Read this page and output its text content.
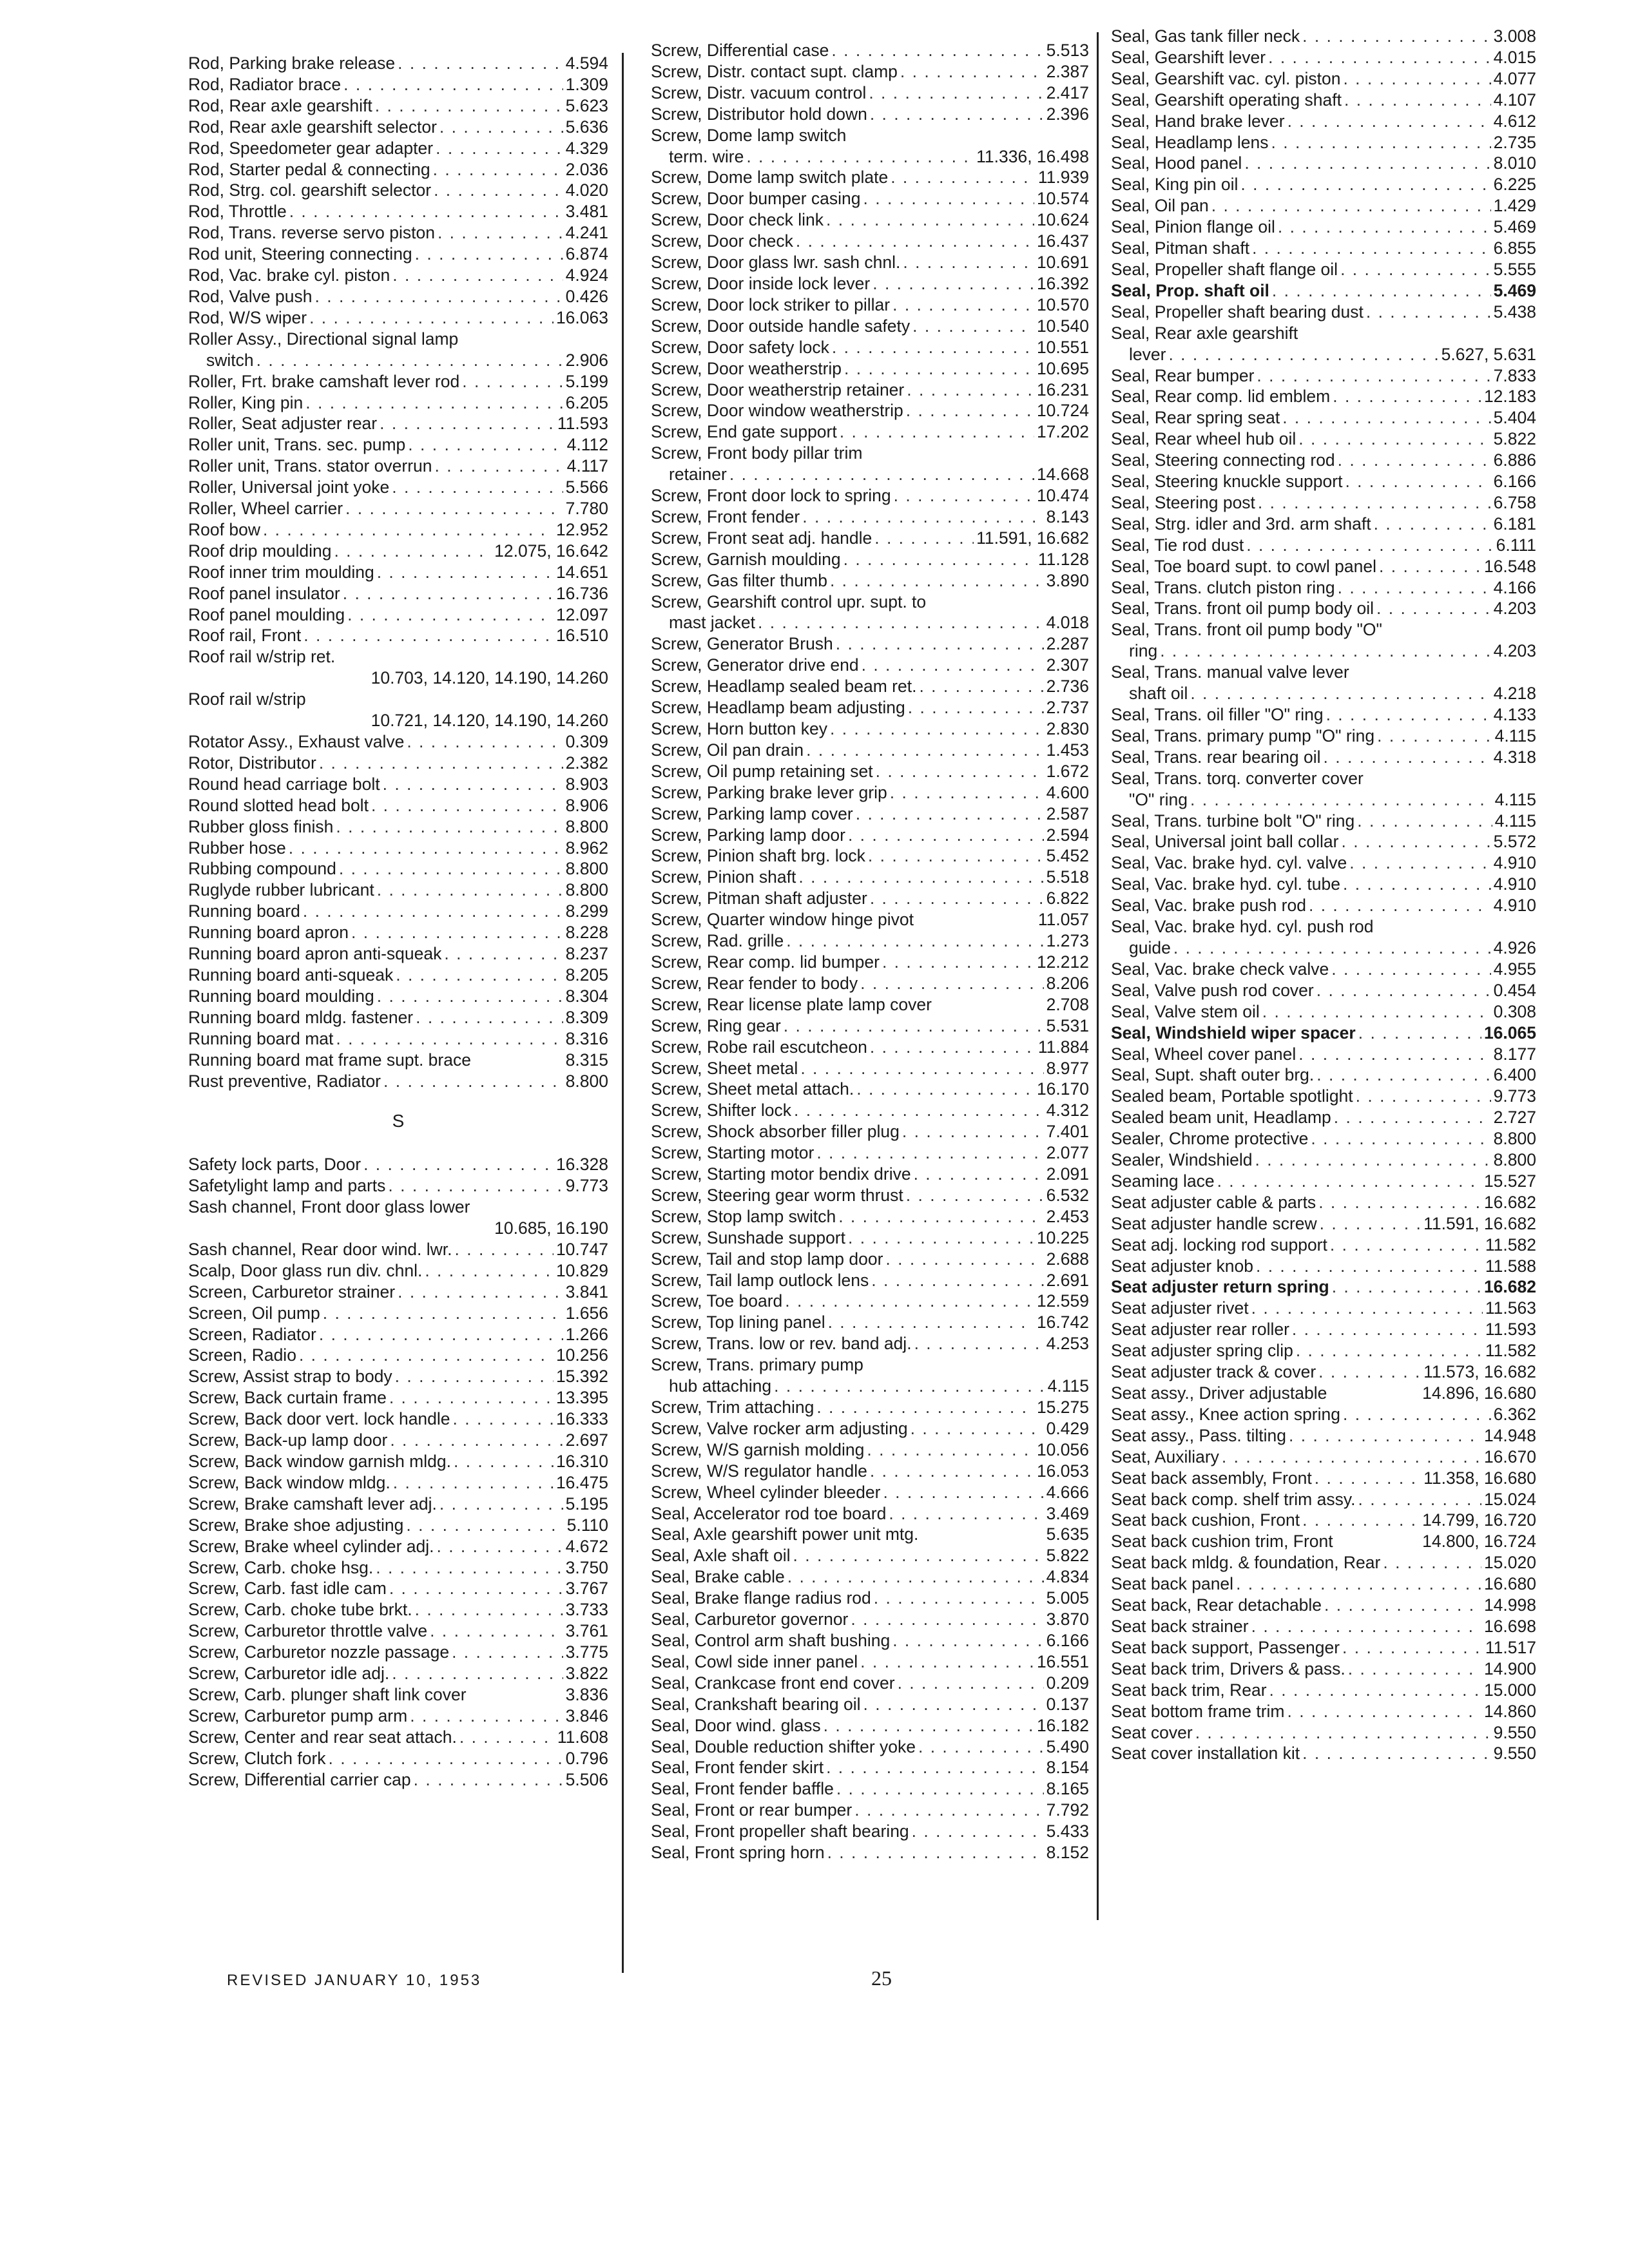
Rod, Parking brake release . . .	4.594
Rod, Radiator brace . . .	1.309
Rod, Rear axle gearshift . . .	5.623
Rod, Rear axle gearshift selector . . .	5.636
Rod, Speedometer gear adapter . . .	4.329
Rod, Starter pedal & connecting . . .	2.036
Rod, Strg. col. gearshift selector . . .	4.020
Rod, Throttle . . .	3.481
Rod, Trans. reverse servo piston . . .	4.241
Rod unit, Steering connecting . . .	6.874
Rod, Vac. brake cyl. piston . . .	4.924
Rod, Valve push . . .	0.426
Rod, W/S wiper . . .	16.063
Roller Assy., Directional signal lamp
switch . . .	2.906
Roller, Frt. brake camshaft lever rod . . .	5.199
Roller, King pin . . .	6.205
Roller, Seat adjuster rear . . .	11.593
Roller unit, Trans. sec. pump . . .	4.112
Roller unit, Trans. stator overrun . . .	4.117
Roller, Universal joint yoke . . .	5.566
Roller, Wheel carrier . . .	7.780
Roof bow . . .	12.952
Roof drip moulding . . .	12.075, 16.642
Roof inner trim moulding . . .	14.651
Roof panel insulator . . .	16.736
Roof panel moulding . . .	12.097
Roof rail, Front . . .	16.510
Roof rail w/strip ret.
10.703, 14.120, 14.190, 14.260
Roof rail w/strip
10.721, 14.120, 14.190, 14.260
Rotator Assy., Exhaust valve . . .	0.309
Rotor, Distributor . . .	2.382
Round head carriage bolt . . .	8.903
Round slotted head bolt . . .	8.906
Rubber gloss finish . . .	8.800
Rubber hose . . .	8.962
Rubbing compound . . .	8.800
Ruglyde rubber lubricant . . .	8.800
Running board . . .	8.299
Running board apron . . .	8.228
Running board apron anti-squeak . . .	8.237
Running board anti-squeak . . .	8.205
Running board moulding . . .	8.304
Running board mldg. fastener . . .	8.309
Running board mat . . .	8.316
Running board mat frame supt. brace	8.315
Rust preventive, Radiator . . .	8.800
S
Safety lock parts, Door . . .	16.328
Safetylight lamp and parts . . .	9.773
Sash channel, Front door glass lower
10.685, 16.190
Sash channel, Rear door wind. lwr. . . .	10.747
Scalp, Door glass run div. chnl. . . .	10.829
Screen, Carburetor strainer . . .	3.841
Screen, Oil pump . . .	1.656
Screen, Radiator . . .	1.266
Screen, Radio . . .	10.256
Screw, Assist strap to body . . .	15.392
Screw, Back curtain frame . . .	13.395
Screw, Back door vert. lock handle . . .	16.333
Screw, Back-up lamp door . . .	2.697
Screw, Back window garnish mldg. . . .	16.310
Screw, Back window mldg. . . .	16.475
Screw, Brake camshaft lever adj. . . .	5.195
Screw, Brake shoe adjusting . . .	5.110
Screw, Brake wheel cylinder adj. . . .	4.672
Screw, Carb. choke hsg. . . .	3.750
Screw, Carb. fast idle cam . . .	3.767
Screw, Carb. choke tube brkt. . . .	3.733
Screw, Carburetor throttle valve . . .	3.761
Screw, Carburetor nozzle passage . . .	3.775
Screw, Carburetor idle adj. . . .	3.822
Screw, Carb. plunger shaft link cover	3.836
Screw, Carburetor pump arm . . .	3.846
Screw, Center and rear seat attach. . . .	11.608
Screw, Clutch fork . . .	0.796
Screw, Differential carrier cap . . .	5.506
Screw, Differential case . . .	5.513
Screw, Distr. contact supt. clamp . . .	2.387
Screw, Distr. vacuum control . . .	2.417
Screw, Distributor hold down . . .	2.396
Screw, Dome lamp switch
term. wire . . .	11.336, 16.498
Screw, Dome lamp switch plate . . .	11.939
Screw, Door bumper casing . . .	10.574
Screw, Door check link . . .	10.624
Screw, Door check . . .	16.437
Screw, Door glass lwr. sash chnl. . . .	10.691
Screw, Door inside lock lever . . .	16.392
Screw, Door lock striker to pillar . . .	10.570
Screw, Door outside handle safety . . .	10.540
Screw, Door safety lock . . .	10.551
Screw, Door weatherstrip . . .	10.695
Screw, Door weatherstrip retainer . . .	16.231
Screw, Door window weatherstrip . . .	10.724
Screw, End gate support . . .	17.202
Screw, Front body pillar trim
retainer . . .	14.668
Screw, Front door lock to spring . . .	10.474
Screw, Front fender . . .	8.143
Screw, Front seat adj. handle . . .	11.591, 16.682
Screw, Garnish moulding . . .	11.128
Screw, Gas filter thumb . . .	3.890
Screw, Gearshift control upr. supt. to
mast jacket . . .	4.018
Screw, Generator Brush . . .	2.287
Screw, Generator drive end . . .	2.307
Screw, Headlamp sealed beam ret. . . .	2.736
Screw, Headlamp beam adjusting . . .	2.737
Screw, Horn button key . . .	2.830
Screw, Oil pan drain . . .	1.453
Screw, Oil pump retaining set . . .	1.672
Screw, Parking brake lever grip . . .	4.600
Screw, Parking lamp cover . . .	2.587
Screw, Parking lamp door . . .	2.594
Screw, Pinion shaft brg. lock . . .	5.452
Screw, Pinion shaft . . .	5.518
Screw, Pitman shaft adjuster . . .	6.822
Screw, Quarter window hinge pivot	11.057
Screw, Rad. grille . . .	1.273
Screw, Rear comp. lid bumper . . .	12.212
Screw, Rear fender to body . . .	8.206
Screw, Rear license plate lamp cover	2.708
Screw, Ring gear . . .	5.531
Screw, Robe rail escutcheon . . .	11.884
Screw, Sheet metal . . .	8.977
Screw, Sheet metal attach. . . .	16.170
Screw, Shifter lock . . .	4.312
Screw, Shock absorber filler plug . . .	7.401
Screw, Starting motor . . .	2.077
Screw, Starting motor bendix drive . . .	2.091
Screw, Steering gear worm thrust . . .	6.532
Screw, Stop lamp switch . . .	2.453
Screw, Sunshade support . . .	10.225
Screw, Tail and stop lamp door . . .	2.688
Screw, Tail lamp outlock lens . . .	2.691
Screw, Toe board . . .	12.559
Screw, Top lining panel . . .	16.742
Screw, Trans. low or rev. band adj. . . .	4.253
Screw, Trans. primary pump
hub attaching . . .	4.115
Screw, Trim attaching . . .	15.275
Screw, Valve rocker arm adjusting . . .	0.429
Screw, W/S garnish molding . . .	10.056
Screw, W/S regulator handle . . .	16.053
Screw, Wheel cylinder bleeder . . .	4.666
Seal, Accelerator rod toe board . . .	3.469
Seal, Axle gearshift power unit mtg.	5.635
Seal, Axle shaft oil . . .	5.822
Seal, Brake cable . . .	4.834
Seal, Brake flange radius rod . . .	5.005
Seal, Carburetor governor . . .	3.870
Seal, Control arm shaft bushing . . .	6.166
Seal, Cowl side inner panel . . .	16.551
Seal, Crankcase front end cover . . .	0.209
Seal, Crankshaft bearing oil . . .	0.137
Seal, Door wind. glass . . .	16.182
Seal, Double reduction shifter yoke . . .	5.490
Seal, Front fender skirt . . .	8.154
Seal, Front fender baffle . . .	8.165
Seal, Front or rear bumper . . .	7.792
Seal, Front propeller shaft bearing . . .	5.433
Seal, Front spring horn . . .	8.152
Seal, Gas tank filler neck . . .	3.008
Seal, Gearshift lever . . .	4.015
Seal, Gearshift vac. cyl. piston . . .	4.077
Seal, Gearshift operating shaft . . .	4.107
Seal, Hand brake lever . . .	4.612
Seal, Headlamp lens . . .	2.735
Seal, Hood panel . . .	8.010
Seal, King pin oil . . .	6.225
Seal, Oil pan . . .	1.429
Seal, Pinion flange oil . . .	5.469
Seal, Pitman shaft . . .	6.855
Seal, Propeller shaft flange oil . . .	5.555
Seal, Prop. shaft oil . . .	5.469
Seal, Propeller shaft bearing dust . . .	5.438
Seal, Rear axle gearshift
lever . . .	5.627, 5.631
Seal, Rear bumper . . .	7.833
Seal, Rear comp. lid emblem . . .	12.183
Seal, Rear spring seat . . .	5.404
Seal, Rear wheel hub oil . . .	5.822
Seal, Steering connecting rod . . .	6.886
Seal, Steering knuckle support . . .	6.166
Seal, Steering post . . .	6.758
Seal, Strg. idler and 3rd. arm shaft . . .	6.181
Seal, Tie rod dust . . .	6.111
Seal, Toe board supt. to cowl panel . . .	16.548
Seal, Trans. clutch piston ring . . .	4.166
Seal, Trans. front oil pump body oil . . .	4.203
Seal, Trans. front oil pump body "O"
ring . . .	4.203
Seal, Trans. manual valve lever
shaft oil . . .	4.218
Seal, Trans. oil filler "O" ring . . .	4.133
Seal, Trans. primary pump "O" ring . . .	4.115
Seal, Trans. rear bearing oil . . .	4.318
Seal, Trans. torq. converter cover
"O" ring . . .	4.115
Seal, Trans. turbine bolt "O" ring . . .	4.115
Seal, Universal joint ball collar . . .	5.572
Seal, Vac. brake hyd. cyl. valve . . .	4.910
Seal, Vac. brake hyd. cyl. tube . . .	4.910
Seal, Vac. brake push rod . . .	4.910
Seal, Vac. brake hyd. cyl. push rod
guide . . .	4.926
Seal, Vac. brake check valve . . .	4.955
Seal, Valve push rod cover . . .	0.454
Seal, Valve stem oil . . .	0.308
Seal, Windshield wiper spacer . . .	16.065
Seal, Wheel cover panel . . .	8.177
Seal, Supt. shaft outer brg. . . .	6.400
Sealed beam, Portable spotlight . . .	9.773
Sealed beam unit, Headlamp . . .	2.727
Sealer, Chrome protective . . .	8.800
Sealer, Windshield . . .	8.800
Seaming lace . . .	15.527
Seat adjuster cable & parts . . .	16.682
Seat adjuster handle screw . . .	11.591, 16.682
Seat adj. locking rod support . . .	11.582
Seat adjuster knob . . .	11.588
Seat adjuster return spring . . .	16.682
Seat adjuster rivet . . .	11.563
Seat adjuster rear roller . . .	11.593
Seat adjuster spring clip . . .	11.582
Seat adjuster track & cover . . .	11.573, 16.682
Seat assy., Driver adjustable	14.896, 16.680
Seat assy., Knee action spring . . .	6.362
Seat assy., Pass. tilting . . .	14.948
Seat, Auxiliary . . .	16.670
Seat back assembly, Front . . .	11.358, 16.680
Seat back comp. shelf trim assy. . . .	15.024
Seat back cushion, Front . . .	14.799, 16.720
Seat back cushion trim, Front	14.800, 16.724
Seat back mldg. & foundation, Rear . . .	15.020
Seat back panel . . .	16.680
Seat back, Rear detachable . . .	14.998
Seat back strainer . . .	16.698
Seat back support, Passenger . . .	11.517
Seat back trim, Drivers & pass. . . .	14.900
Seat back trim, Rear . . .	15.000
Seat bottom frame trim . . .	14.860
Seat cover . . .	9.550
Seat cover installation kit . . .	9.550
REVISED JANUARY 10, 1953	25
